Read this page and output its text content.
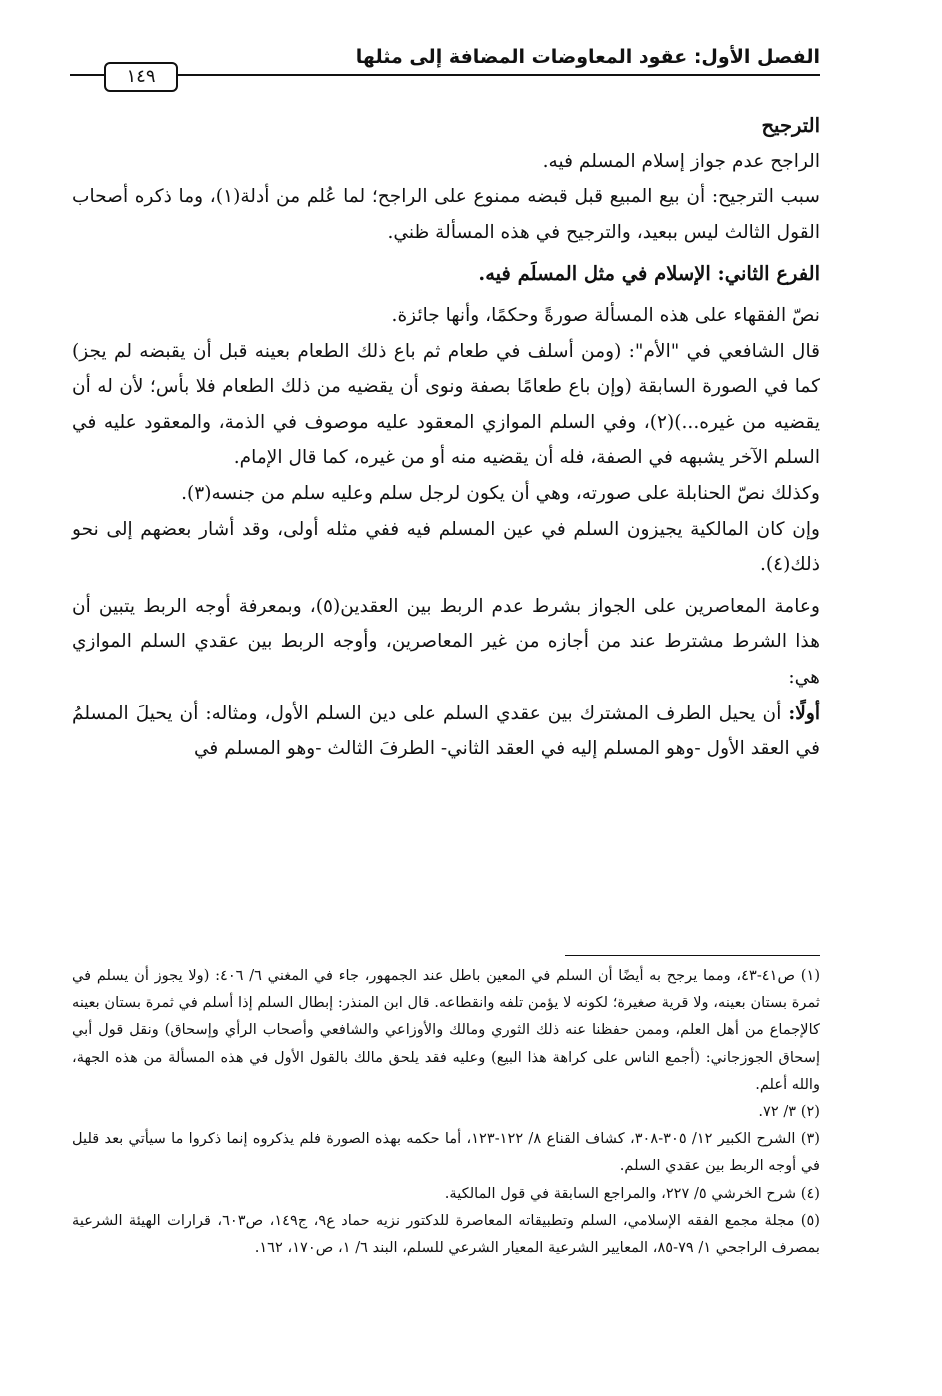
الفصل الأول: عقود المعاوضات المضافة إلى مثلها
١٤٩

الترجيح

الراجح عدم جواز إسلام المسلم فيه.

سبب الترجيح: أن بيع المبيع قبل قبضه ممنوع على الراجح؛ لما عُلم من أدلة(١)، وما ذكره أصحاب القول الثالث ليس ببعيد، والترجيح في هذه المسألة ظني.

الفرع الثاني: الإسلام في مثل المسلَم فيه.

نصّ الفقهاء على هذه المسألة صورةً وحكمًا، وأنها جائزة.

قال الشافعي في "الأم": (ومن أسلف في طعام ثم باع ذلك الطعام بعينه قبل أن يقبضه لم يجز) كما في الصورة السابقة (وإن باع طعامًا بصفة ونوى أن يقضيه من ذلك الطعام فلا بأس؛ لأن له أن يقضيه من غيره...)(٢)، وفي السلم الموازي المعقود عليه موصوف في الذمة، والمعقود عليه في السلم الآخر يشبهه في الصفة، فله أن يقضيه منه أو من غيره، كما قال الإمام.

وكذلك نصّ الحنابلة على صورته، وهي أن يكون لرجل سلم وعليه سلم من جنسه(٣).

وإن كان المالكية يجيزون السلم في عين المسلم فيه ففي مثله أولى، وقد أشار بعضهم إلى نحو ذلك(٤).

وعامة المعاصرين على الجواز بشرط عدم الربط بين العقدين(٥)، وبمعرفة أوجه الربط يتبين أن هذا الشرط مشترط عند من أجازه من غير المعاصرين، وأوجه الربط بين عقدي السلم الموازي هي:

أولًا: أن يحيل الطرف المشترك بين عقدي السلم على دين السلم الأول، ومثاله: أن يحيلَ المسلمُ في العقد الأول -وهو المسلم إليه في العقد الثاني- الطرفَ الثالث -وهو المسلم في

(١) ص٤١-٤٣، ومما يرجح به أيضًا أن السلم في المعين باطل عند الجمهور، جاء في المغني ٦/ ٤٠٦: (ولا يجوز أن يسلم في ثمرة بستان بعينه، ولا قرية صغيرة؛ لكونه لا يؤمن تلفه وانقطاعه. قال ابن المنذر: إبطال السلم إذا أسلم في ثمرة بستان بعينه كالإجماع من أهل العلم، وممن حفظنا عنه ذلك الثوري ومالك والأوزاعي والشافعي وأصحاب الرأي وإسحاق) ونقل قول أبي إسحاق الجوزجاني: (أجمع الناس على كراهة هذا البيع) وعليه فقد يلحق مالك بالقول الأول في هذه المسألة من هذه الجهة، والله أعلم.

(٢) ٣/ ٧٢.

(٣) الشرح الكبير ١٢/ ٣٠٥-٣٠٨، كشاف القناع ٨/ ١٢٢-١٢٣، أما حكمه بهذه الصورة فلم يذكروه إنما ذكروا ما سيأتي بعد قليل في أوجه الربط بين عقدي السلم.

(٤) شرح الخرشي ٥/ ٢٢٧، والمراجع السابقة في قول المالكية.

(٥) مجلة مجمع الفقه الإسلامي، السلم وتطبيقاته المعاصرة للدكتور نزيه حماد ع٩، ج١٤٩، ص٦٠٣، قرارات الهيئة الشرعية بمصرف الراجحي ١/ ٧٩-٨٥، المعايير الشرعية المعيار الشرعي للسلم، البند ٦/ ١، ص١٧٠، ١٦٢.
